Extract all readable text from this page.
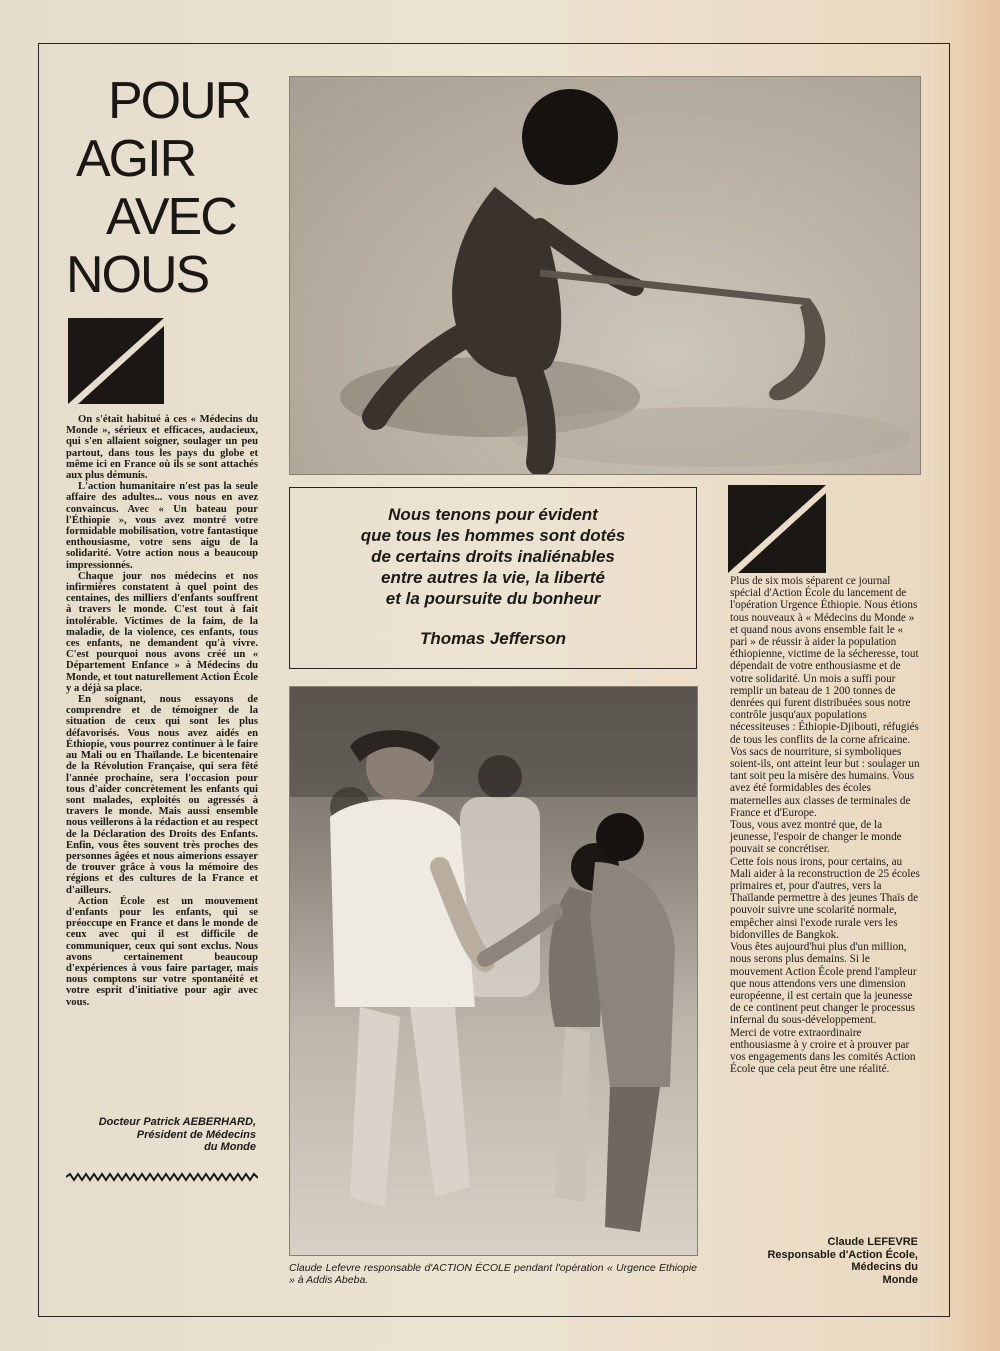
POUR
AGIR
AVEC
NOUS

On s'était habitué à ces « Médecins du Monde », sérieux et efficaces, audacieux, qui s'en allaient soigner, soulager un peu partout, dans tous les pays du globe et même ici en France où ils se sont attachés aux plus démunis.

L'action humanitaire n'est pas la seule affaire des adultes... vous nous en avez convaincus. Avec « Un bateau pour l'Éthiopie », vous avez montré votre formidable mobilisation, votre fantastique enthousiasme, votre sens aigu de la solidarité. Votre action nous a beaucoup impressionnés.

Chaque jour nos médecins et nos infirmières constatent à quel point des centaines, des milliers d'enfants souffrent à travers le monde. C'est tout à fait intolérable. Victimes de la faim, de la maladie, de la violence, ces enfants, tous ces enfants, ne demandent qu'à vivre. C'est pourquoi nous avons créé un « Département Enfance » à Médecins du Monde, et tout naturellement Action École y a déjà sa place.

En soignant, nous essayons de comprendre et de témoigner de la situation de ceux qui sont les plus défavorisés. Vous nous avez aidés en Éthiopie, vous pourrez continuer à le faire au Mali ou en Thaïlande. Le bicentenaire de la Révolution Française, qui sera fêté l'année prochaine, sera l'occasion pour tous d'aider concrètement les enfants qui sont malades, exploités ou agressés à travers le monde. Mais aussi ensemble nous veillerons à la rédaction et au respect de la Déclaration des Droits des Enfants. Enfin, vous êtes souvent très proches des personnes âgées et nous aimerions essayer de trouver grâce à vous la mémoire des régions et des cultures de la France et d'ailleurs.

Action École est un mouvement d'enfants pour les enfants, qui se préoccupe en France et dans le monde de ceux avec qui il est difficile de communiquer, ceux qui sont exclus. Nous avons certainement beaucoup d'expériences à vous faire partager, mais nous comptons sur votre spontanéité et votre esprit d'initiative pour agir avec vous.

Docteur Patrick AEBERHARD,
Président de Médecins
du Monde
Nous tenons pour évident
que tous les hommes sont dotés
de certains droits inaliénables
entre autres la vie, la liberté
et la poursuite du bonheur
Thomas Jefferson
Claude Lefevre responsable d'ACTION ÉCOLE pendant l'opération « Urgence Ethiopie » à Addis Abeba.

Plus de six mois séparent ce journal spécial d'Action École du lancement de l'opération Urgence Éthiopie. Nous étions tous nouveaux à « Médecins du Monde » et quand nous avons ensemble fait le « pari » de réussir à aider la population éthiopienne, victime de la sécheresse, tout dépendait de votre enthousiasme et de votre solidarité. Un mois a suffi pour remplir un bateau de 1 200 tonnes de denrées qui furent distribuées sous notre contrôle jusqu'aux populations nécessiteuses : Éthiopie-Djibouti, réfugiés de tous les conflits de la corne africaine.

Vos sacs de nourriture, si symboliques soient-ils, ont atteint leur but : soulager un tant soit peu la misère des humains. Vous avez été formidables des écoles maternelles aux classes de terminales de France et d'Europe.

Tous, vous avez montré que, de la jeunesse, l'espoir de changer le monde pouvait se concrétiser.

Cette fois nous irons, pour certains, au Mali aider à la reconstruction de 25 écoles primaires et, pour d'autres, vers la Thaïlande permettre à des jeunes Thaïs de pouvoir suivre une scolarité normale, empêcher ainsi l'exode rurale vers les bidonvilles de Bangkok.

Vous êtes aujourd'hui plus d'un million, nous serons plus demains. Si le mouvement Action École prend l'ampleur que nous attendons vers une dimension européenne, il est certain que la jeunesse de ce continent peut changer le processus infernal du sous-développement.

Merci de votre extraordinaire enthousiasme à y croire et à prouver par vos engagements dans les comités Action École que cela peut être une réalité.

Claude LEFEVRE
Responsable d'Action École,
Médecins du
Monde
